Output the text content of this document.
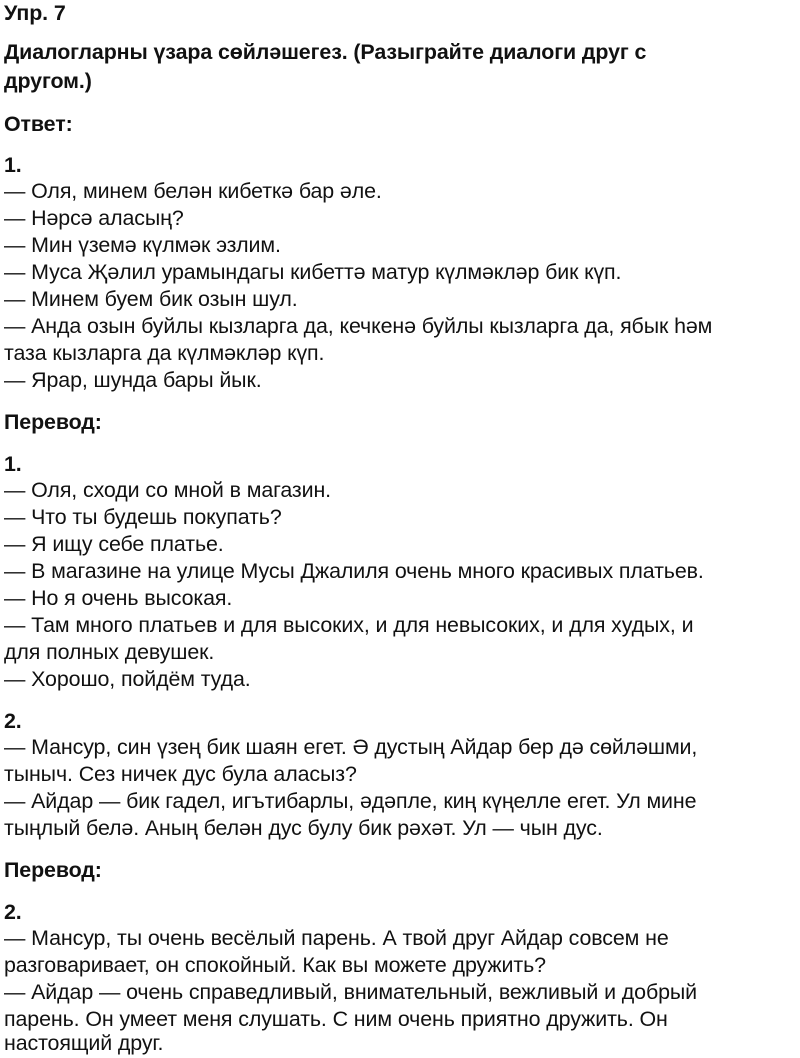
Упр. 7
Диалогларны үзара сөйләшегез. (Разыграйте диалоги друг с
другом.)
Ответ:
1.
— Оля, минем белән кибеткә бар әле.
— Нәрсә аласың?
— Мин үземә күлмәк эзлим.
— Муса Җәлил урамындагы кибеттә матур күлмәкләр бик күп.
— Минем буем бик озын шул.
— Анда озын буйлы кызларга да, кечкенә буйлы кызларга да, ябык һәм
таза кызларга да күлмәкләр күп.
— Ярар, шунда бары йык.
Перевод:
1.
— Оля, сходи со мной в магазин.
— Что ты будешь покупать?
— Я ищу себе платье.
— В магазине на улице Мусы Джалиля очень много красивых платьев.
— Но я очень высокая.
— Там много платьев и для высоких, и для невысоких, и для худых, и
для полных девушек.
— Хорошо, пойдём туда.
2.
— Мансур, син үзең бик шаян егет. Ә дустың Айдар бер дә сөйләшми,
тыныч. Сез ничек дус була аласыз?
— Айдар — бик гадел, игътибарлы, әдәпле, киң күңелле егет. Ул мине
тыңлый белә. Аның белән дус булу бик рәхәт. Ул — чын дус.
Перевод:
2.
— Мансур, ты очень весёлый парень. А твой друг Айдар совсем не
разговаривает, он спокойный. Как вы можете дружить?
— Айдар — очень справедливый, внимательный, вежливый и добрый
парень. Он умеет меня слушать. С ним очень приятно дружить. Он
настоящий друг.
